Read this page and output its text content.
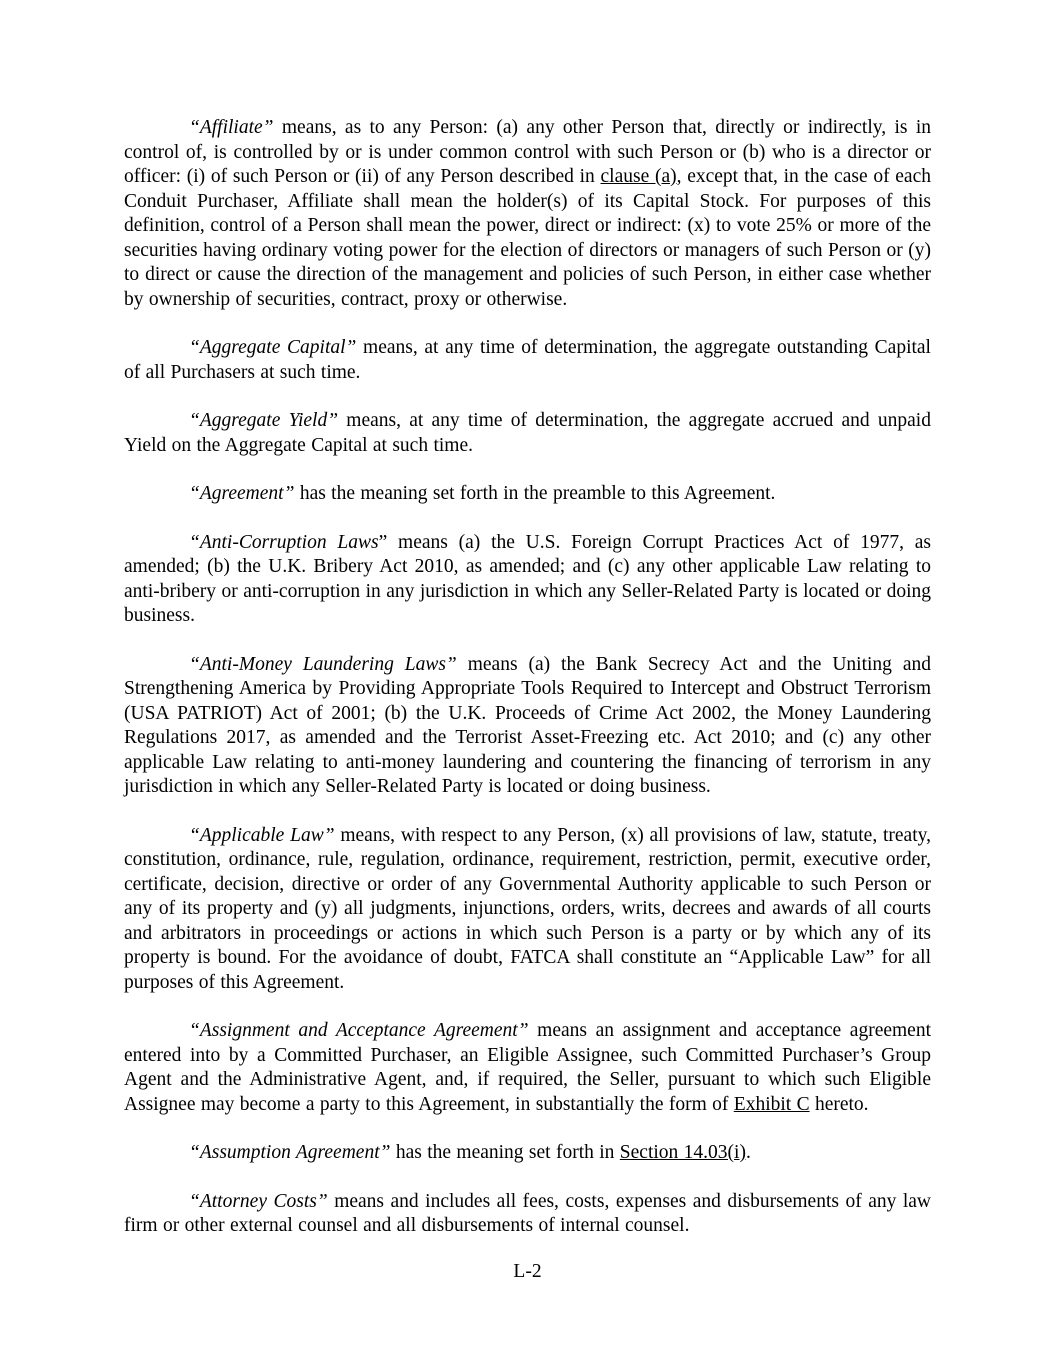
“Affiliate” means, as to any Person: (a) any other Person that, directly or indirectly, is in control of, is controlled by or is under common control with such Person or (b) who is a director or officer: (i) of such Person or (ii) of any Person described in clause (a), except that, in the case of each Conduit Purchaser, Affiliate shall mean the holder(s) of its Capital Stock. For purposes of this definition, control of a Person shall mean the power, direct or indirect: (x) to vote 25% or more of the securities having ordinary voting power for the election of directors or managers of such Person or (y) to direct or cause the direction of the management and policies of such Person, in either case whether by ownership of securities, contract, proxy or otherwise.

“Aggregate Capital” means, at any time of determination, the aggregate outstanding Capital of all Purchasers at such time.

“Aggregate Yield” means, at any time of determination, the aggregate accrued and unpaid Yield on the Aggregate Capital at such time.

“Agreement” has the meaning set forth in the preamble to this Agreement.

“Anti-Corruption Laws” means (a) the U.S. Foreign Corrupt Practices Act of 1977, as amended; (b) the U.K. Bribery Act 2010, as amended; and (c) any other applicable Law relating to anti-bribery or anti-corruption in any jurisdiction in which any Seller-Related Party is located or doing business.

“Anti-Money Laundering Laws” means (a) the Bank Secrecy Act and the Uniting and Strengthening America by Providing Appropriate Tools Required to Intercept and Obstruct Terrorism (USA PATRIOT) Act of 2001; (b) the U.K. Proceeds of Crime Act 2002, the Money Laundering Regulations 2017, as amended and the Terrorist Asset-Freezing etc. Act 2010; and (c) any other applicable Law relating to anti-money laundering and countering the financing of terrorism in any jurisdiction in which any Seller-Related Party is located or doing business.

“Applicable Law” means, with respect to any Person, (x) all provisions of law, statute, treaty, constitution, ordinance, rule, regulation, ordinance, requirement, restriction, permit, executive order, certificate, decision, directive or order of any Governmental Authority applicable to such Person or any of its property and (y) all judgments, injunctions, orders, writs, decrees and awards of all courts and arbitrators in proceedings or actions in which such Person is a party or by which any of its property is bound. For the avoidance of doubt, FATCA shall constitute an “Applicable Law” for all purposes of this Agreement.

“Assignment and Acceptance Agreement” means an assignment and acceptance agreement entered into by a Committed Purchaser, an Eligible Assignee, such Committed Purchaser’s Group Agent and the Administrative Agent, and, if required, the Seller, pursuant to which such Eligible Assignee may become a party to this Agreement, in substantially the form of Exhibit C hereto.

“Assumption Agreement” has the meaning set forth in Section 14.03(i).

“Attorney Costs” means and includes all fees, costs, expenses and disbursements of any law firm or other external counsel and all disbursements of internal counsel.

L-2
